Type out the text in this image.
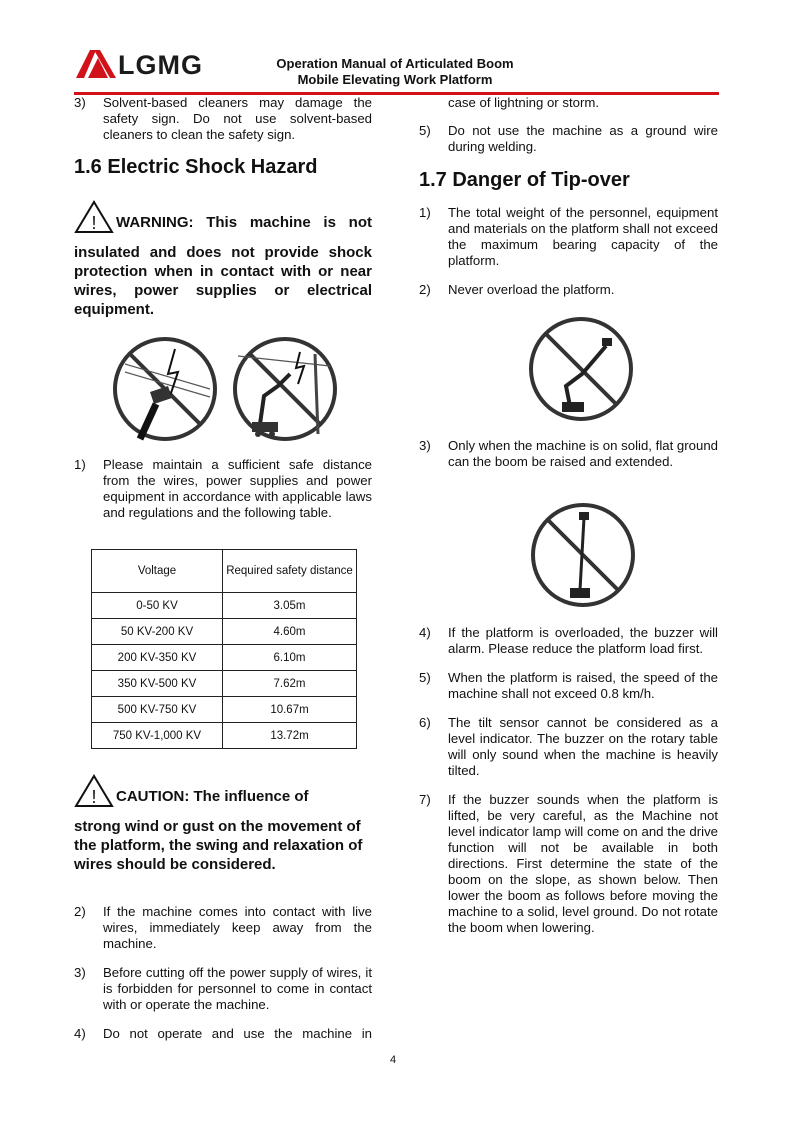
LGMG	Operation Manual of Articulated Boom
Mobile Elevating Work Platform
3) Solvent-based cleaners may damage the safety sign. Do not use solvent-based cleaners to clean the safety sign.
1.6 Electric Shock Hazard
! WARNING: This machine is not
insulated and does not provide shock protection when in contact with or near wires, power supplies or electrical equipment.
1) Please maintain a sufficient safe distance from the wires, power supplies and power equipment in accordance with applicable laws and regulations and the following table.
Voltage	Required safety distance
0-50 KV	3.05m
50 KV-200 KV	4.60m
200 KV-350 KV	6.10m
350 KV-500 KV	7.62m
500 KV-750 KV	10.67m
750 KV-1,000 KV	13.72m
! CAUTION: The influence of
strong wind or gust on the movement of the platform, the swing and relaxation of wires should be considered.
2) If the machine comes into contact with live wires, immediately keep away from the machine.
3) Before cutting off the power supply of wires, it is forbidden for personnel to come in contact with or operate the machine.
4) Do not operate and use the machine in
case of lightning or storm.
5) Do not use the machine as a ground wire during welding.
1.7 Danger of Tip-over
1) The total weight of the personnel, equipment and materials on the platform shall not exceed the maximum bearing capacity of the platform.
2) Never overload the platform.
3) Only when the machine is on solid, flat ground can the boom be raised and extended.
4) If the platform is overloaded, the buzzer will alarm. Please reduce the platform load first.
5) When the platform is raised, the speed of the machine shall not exceed 0.8 km/h.
6) The tilt sensor cannot be considered as a level indicator. The buzzer on the rotary table will only sound when the machine is heavily tilted.
7) If the buzzer sounds when the platform is lifted, be very careful, as the Machine not level indicator lamp will come on and the drive function will not be available in both directions. First determine the state of the boom on the slope, as shown below. Then lower the boom as follows before moving the machine to a solid, level ground. Do not rotate the boom when lowering.
4
